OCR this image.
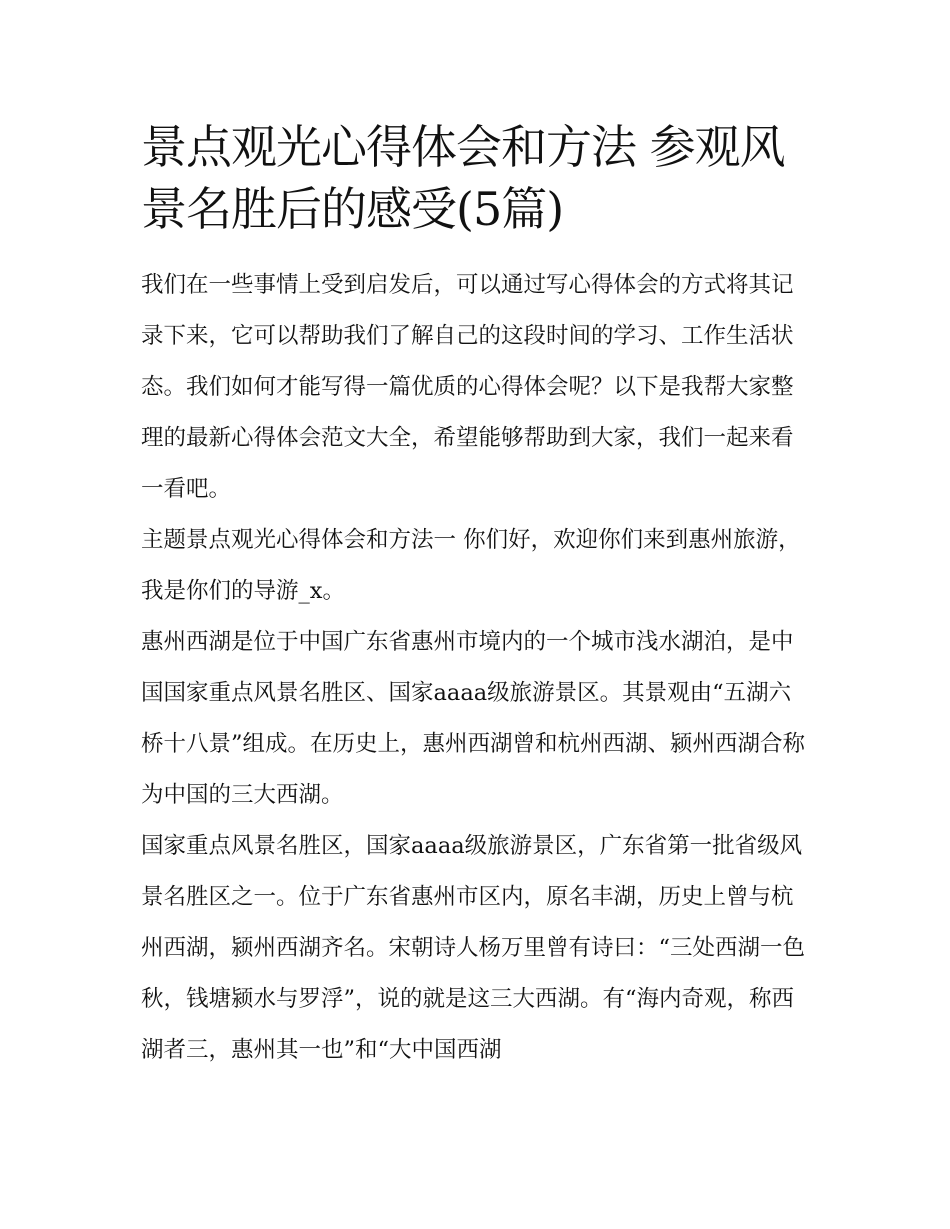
景点观光心得体会和方法 参观风景名胜后的感受(5篇)

我们在一些事情上受到启发后，可以通过写心得体会的方式将其记录下来，它可以帮助我们了解自己的这段时间的学习、工作生活状态。我们如何才能写得一篇优质的心得体会呢？以下是我帮大家整理的最新心得体会范文大全，希望能够帮助到大家，我们一起来看一看吧。

主题景点观光心得体会和方法一 你们好，欢迎你们来到惠州旅游，我是你们的导游_x。

惠州西湖是位于中国广东省惠州市境内的一个城市浅水湖泊，是中国国家重点风景名胜区、国家aaaa级旅游景区。其景观由“五湖六桥十八景”组成。在历史上，惠州西湖曾和杭州西湖、颍州西湖合称为中国的三大西湖。

国家重点风景名胜区，国家aaaa级旅游景区，广东省第一批省级风景名胜区之一。位于广东省惠州市区内，原名丰湖，历史上曾与杭州西湖，颍州西湖齐名。宋朝诗人杨万里曾有诗曰：“三处西湖一色秋，钱塘颍水与罗浮”，说的就是这三大西湖。有“海内奇观，称西湖者三，惠州其一也”和“大中国西湖
